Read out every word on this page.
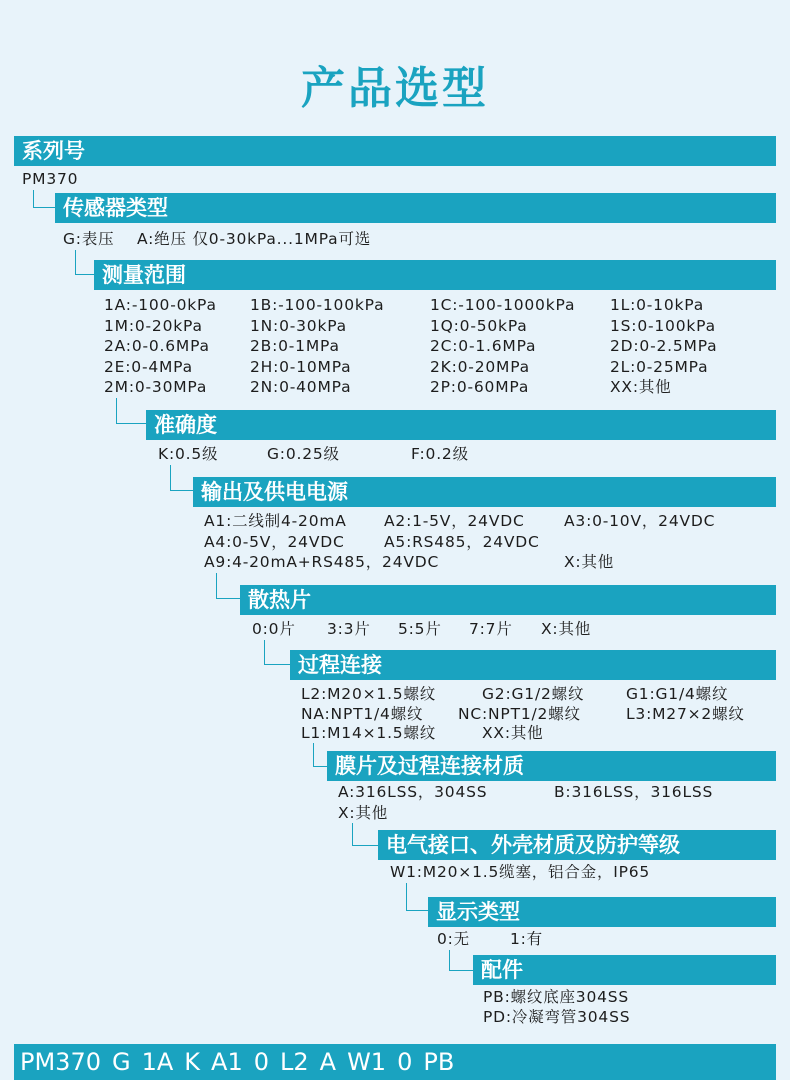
产品选型
系列号
PM370
传感器类型
G:表压 A:绝压 仅0-30kPa...1MPa可选
测量范围
1A:-100-0kPa 1B:-100-100kPa	1C:-100-1000kPa 1L:0-10kPa
1M:0-20kPa	1N:0-30kPa	1Q:0-50kPa	1S:0-100kPa
2A:0-0.6MPa	2B:0-1MPa	2C:0-1.6MPa	2D:0-2.5MPa
2E:0-4MPa	2H:0-10MPa	2K:0-20MPa	2L:0-25MPa
2M:0-30MPa	2N:0-40MPa	2P:0-60MPa	XX:其他
准确度
K:0.5级	G:0.25级	F:0.2级
输出及供电电源
A1:二线制4-20mA A2:1-5V，24VDC	A3:0-10V，24VDC
A4:0-5V，24VDC	A5:RS485，24VDC
A9:4-20mA+RS485，24VDC	X:其他
散热片
0:0片 3:3片 5:5片 7:7片 X:其他
过程连接
L2:M20×1.5螺纹	G2:G1/2螺纹	G1:G1/4螺纹
NA:NPT1/4螺纹 NC:NPT1/2螺纹	L3:M27×2螺纹
L1:M14×1.5螺纹	XX:其他
膜片及过程连接材质
A:316LSS，304SS	B:316LSS，316LSS
X:其他
电气接口、外壳材质及防护等级
W1:M20×1.5缆塞，铝合金，IP65
显示类型
0:无	1:有
配件
PB:螺纹底座304SS
PD:冷凝弯管304SS
PM370 G 1A K A1 0 L2 A W1 0 PB
